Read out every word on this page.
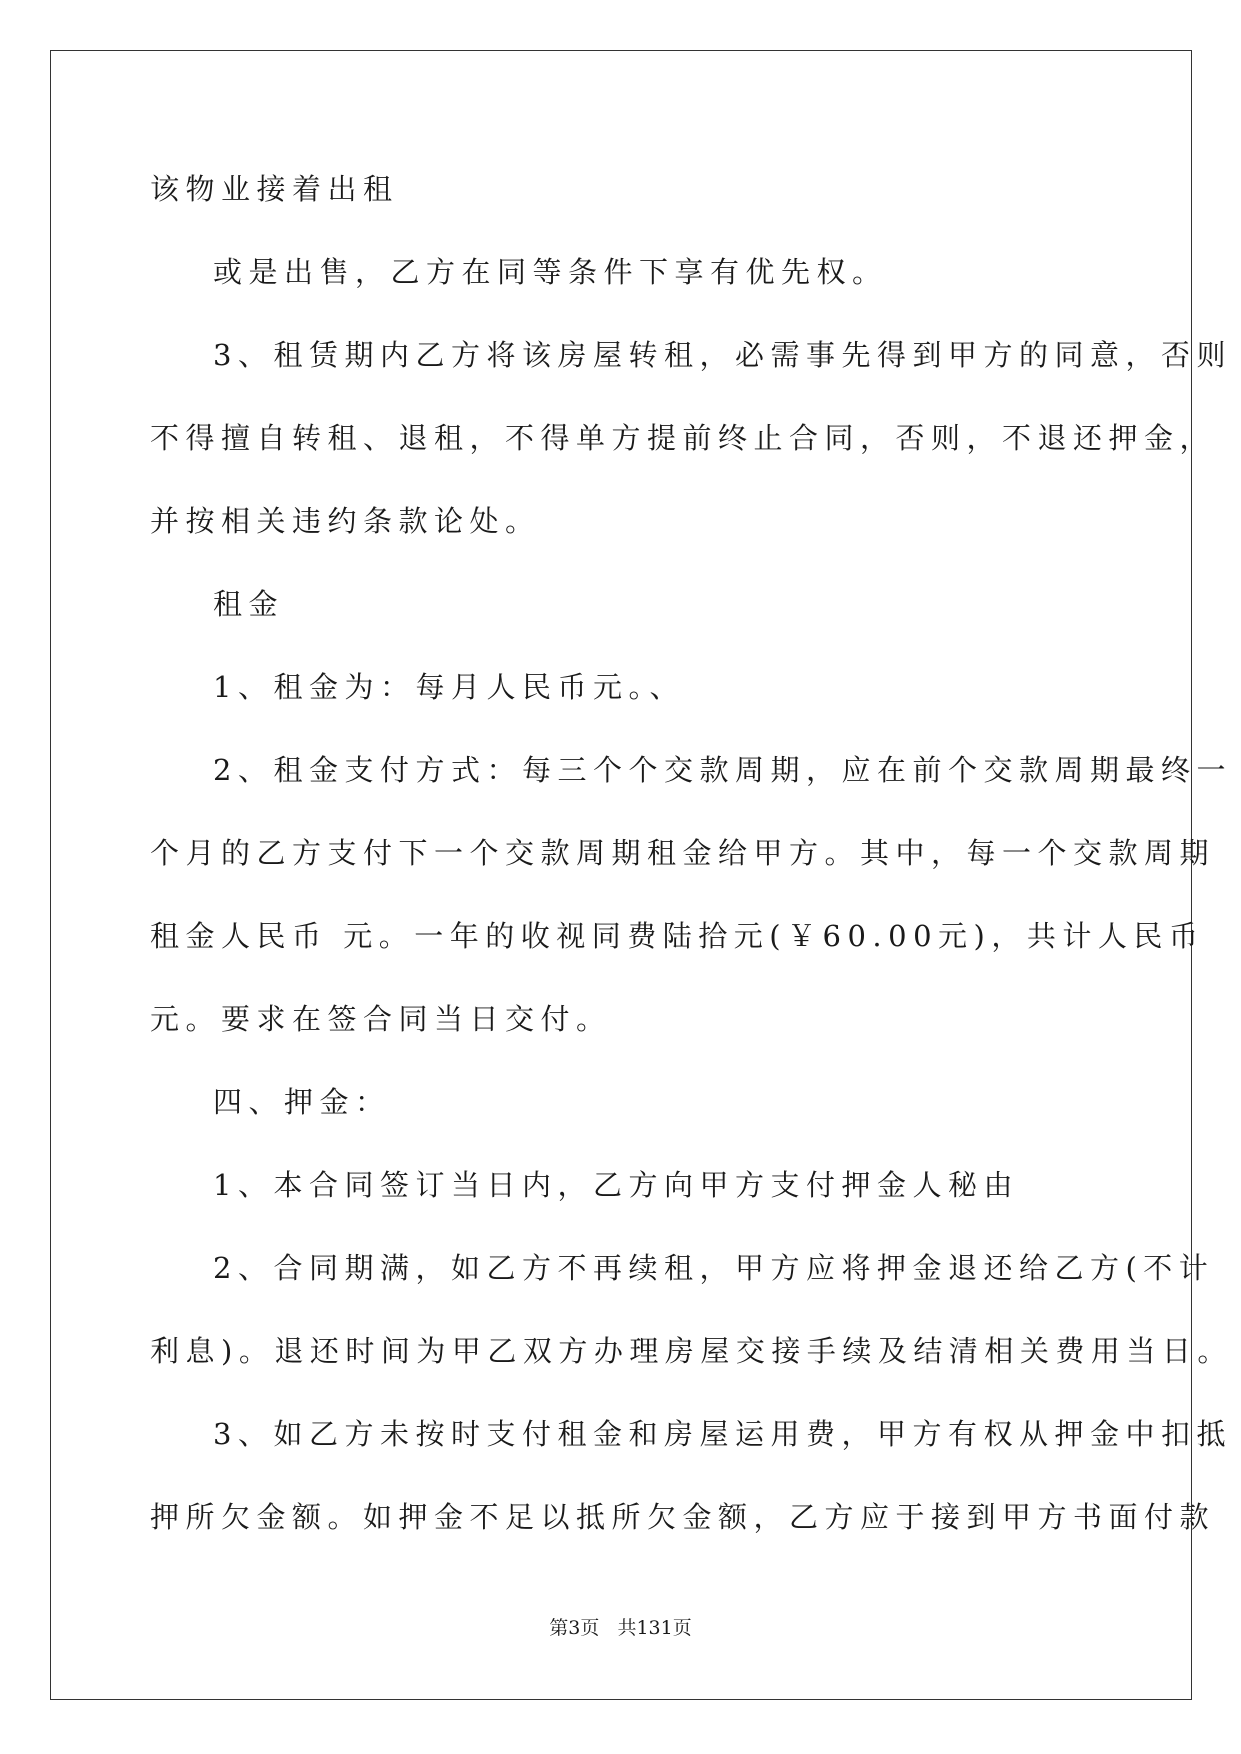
该物业接着出租
或是出售，乙方在同等条件下享有优先权。
3、租赁期内乙方将该房屋转租，必需事先得到甲方的同意，否则
不得擅自转租、退租，不得单方提前终止合同，否则，不退还押金，
并按相关违约条款论处。
租金
1、租金为：每月人民币元。、
2、租金支付方式：每三个个交款周期，应在前个交款周期最终一
个月的乙方支付下一个交款周期租金给甲方。其中，每一个交款周期
租金人民币 元。一年的收视同费陆拾元(￥60.00元)，共计人民币
元。要求在签合同当日交付。
四、押金：
1、本合同签订当日内，乙方向甲方支付押金人秘由
2、合同期满，如乙方不再续租，甲方应将押金退还给乙方(不计
利息)。退还时间为甲乙双方办理房屋交接手续及结清相关费用当日。
3、如乙方未按时支付租金和房屋运用费，甲方有权从押金中扣抵
押所欠金额。如押金不足以抵所欠金额，乙方应于接到甲方书面付款
第3页 共131页
